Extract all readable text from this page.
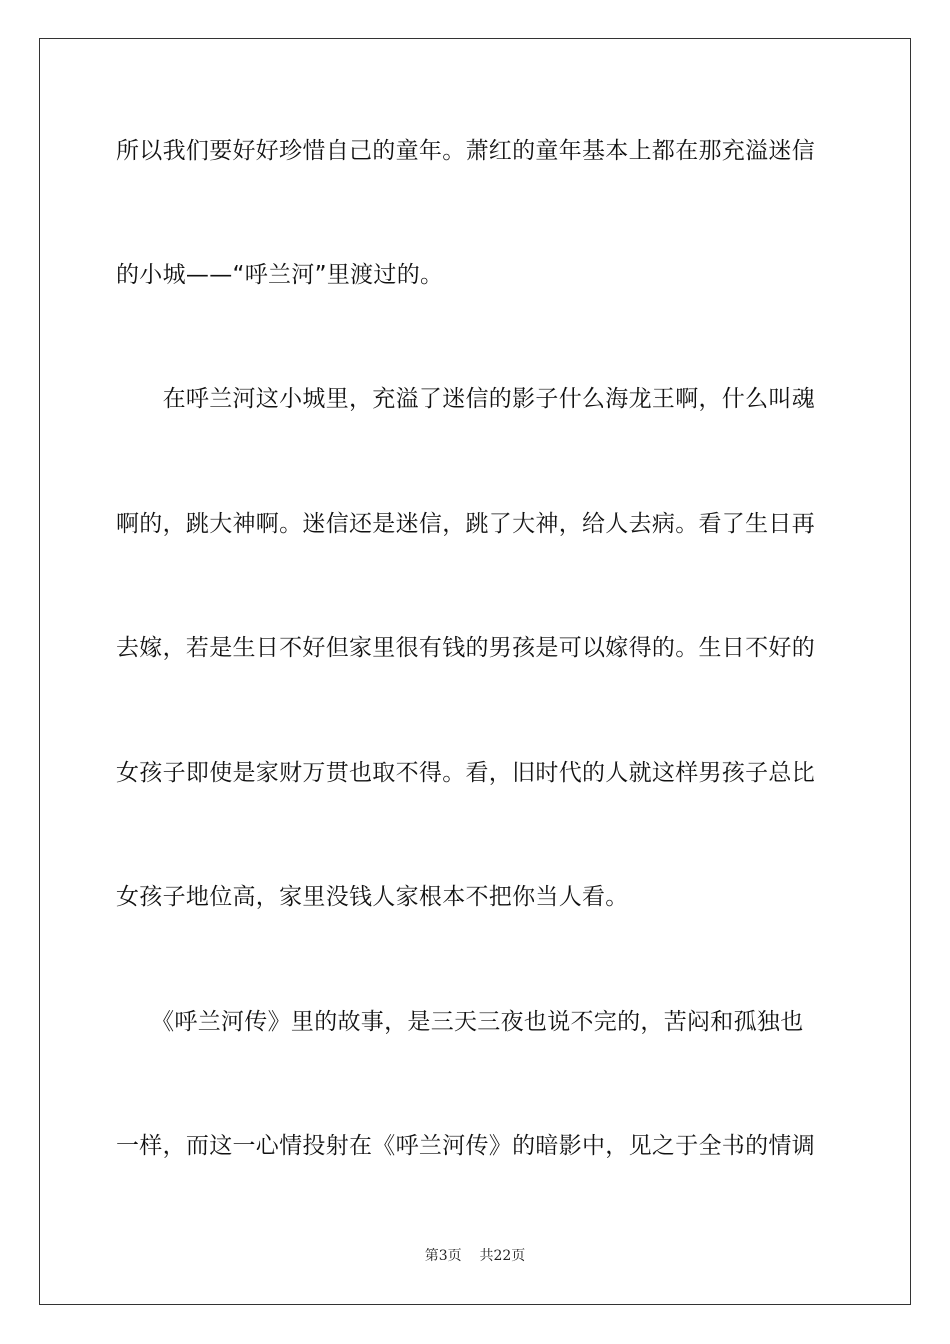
所以我们要好好珍惜自己的童年。萧红的童年基本上都在那充溢迷信
的小城——“呼兰河”里渡过的。
　　在呼兰河这小城里，充溢了迷信的影子什么海龙王啊，什么叫魂
啊的，跳大神啊。迷信还是迷信，跳了大神，给人去病。看了生日再
去嫁，若是生日不好但家里很有钱的男孩是可以嫁得的。生日不好的
女孩子即使是家财万贯也取不得。看，旧时代的人就这样男孩子总比
女孩子地位高，家里没钱人家根本不把你当人看。
　　《呼兰河传》里的故事，是三天三夜也说不完的，苦闷和孤独也
一样，而这一心情投射在《呼兰河传》的暗影中，见之于全书的情调
第3页 共22页
